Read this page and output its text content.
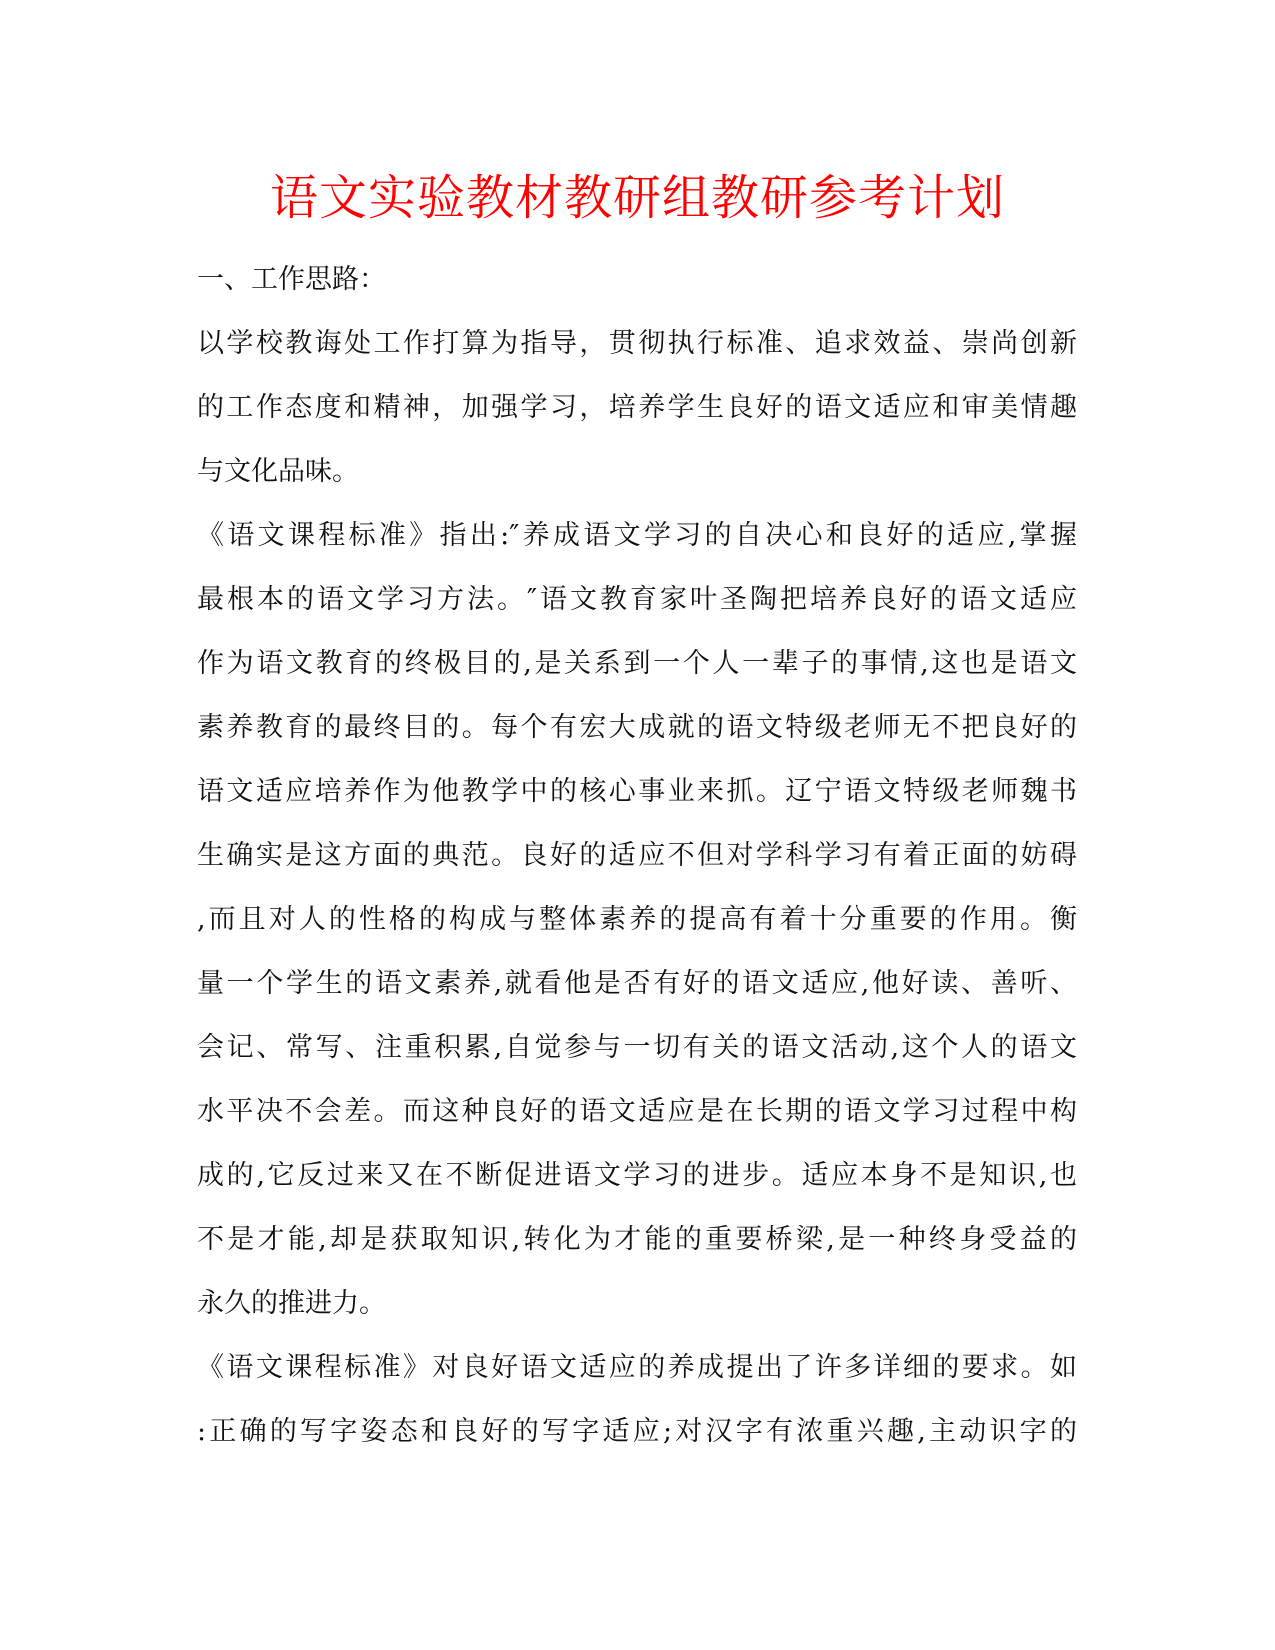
语文实验教材教研组教研参考计划
一、工作思路：
以学校教诲处工作打算为指导，贯彻执行标准、追求效益、崇尚创新
的工作态度和精神，加强学习，培养学生良好的语文适应和审美情趣
与文化品味。
《语文课程标准》指出:″养成语文学习的自决心和良好的适应,掌握
最根本的语文学习方法。″语文教育家叶圣陶把培养良好的语文适应
作为语文教育的终极目的,是关系到一个人一辈子的事情,这也是语文
素养教育的最终目的。每个有宏大成就的语文特级老师无不把良好的
语文适应培养作为他教学中的核心事业来抓。辽宁语文特级老师魏书
生确实是这方面的典范。良好的适应不但对学科学习有着正面的妨碍
,而且对人的性格的构成与整体素养的提高有着十分重要的作用。衡
量一个学生的语文素养,就看他是否有好的语文适应,他好读、善听、
会记、常写、注重积累,自觉参与一切有关的语文活动,这个人的语文
水平决不会差。而这种良好的语文适应是在长期的语文学习过程中构
成的,它反过来又在不断促进语文学习的进步。适应本身不是知识,也
不是才能,却是获取知识,转化为才能的重要桥梁,是一种终身受益的
永久的推进力。
《语文课程标准》对良好语文适应的养成提出了许多详细的要求。如
:正确的写字姿态和良好的写字适应;对汉字有浓重兴趣,主动识字的
